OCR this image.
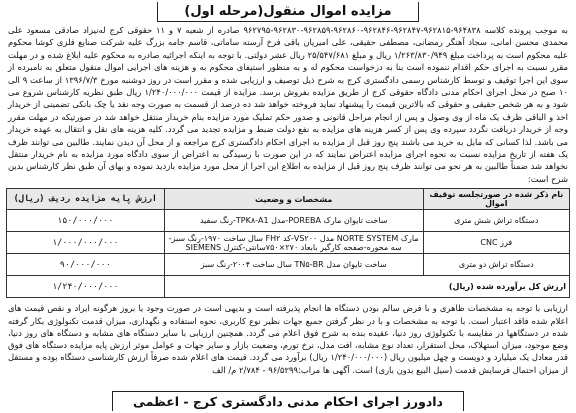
مزایده اموال منقول(مرحله اول)

به موجب پرونده کلاسه ۹۶۴۸۳۸-۹۶۲۸۱۵-۹۶۲۸۴۷-۹۶۲۸۴۶-۹۶۲۸۶۰-۹۶۲۸۵۹-۹۶۲۸۳۰-۹۶۲۷۹۵ صادره از شعبه ۷ و ۱۱ حقوقی کرج له‌نیزاد صادقی مسعود علی محمدی محسن امانی، سجاد آهنگر رمضانی، مصطفی حقیقی، علی امیریان باقی فرخ آرسته ساماتی، قاسم جامه بزرگ علیه شرکت صنایع فلزی کوشا محکوم علیه محکوم است به پرداخت مبلغ ۱/۲۶۳/۸۳۰/۹۴۹ ریال و مبلغ ۲۵/۵۴۷/۶۸۱ ریال عشر دولتی. با توجه به اینکه اجرائیه صادره به محکوم علیه ابلاغ شده و در مهلت مقرر نسبت به اجرای حکم اقدام ننموده است بنا به درخواست محکوم له و به منظور استیفای محکوم به و هزینه های اجرایی اموال منقول متعلق به نامبرده از سوی این اجرا توقیف و توسط کارشناس رسمی دادگستری کرج به شرح ذیل توصیف و ارزیابی شده و مقرر است در روز دوشنبه مورخ ۱۳۹۶/۷/۳ از ساعت ۹ الی ۱۰ صبح در محل اجرای احکام مدنی دادگاه حقوقی کرج از طریق مزایده بفروش برسد. مزایده از قیمت ۱/۲۴۰/۰۰۰/۰۰۰ ریال طبق نظریه کارشناس شروع می شود و به هر شخص حقیقی و حقوقی که بالاترین قیمت را پیشنهاد نماید فروخته خواهد شد ده درصد از قسمت به صورت وجه نقد یا چک بانکی تضمینی از خریدار اخذ و الباقی ظرف یک ماه از وی وصول و پس از انجام مراحل قانونی و صدور حکم تملیک مورد مزایده بنام خریدار منتقل خواهد شد در صورتیکه در مهلت مقرر وجه از خریدار دریافت نگردد سپرده وی پس از کسر هزینه های مزایده به نفع دولت ضبط و مزایده تجدید می گردد. کلیه هزینه های نقل و انتقال به عهده خریدار می باشد. لذا کسانی که مایل به خرید می باشند پنج روز قبل از مزایده به اجرای احکام دادگستری کرج مراجعه و از محل آن دیدن نمایند. طالبین می توانند ظرف یک هفته از تاریخ مزایده نسبت به نحوه اجرای مزایده اعتراض نمایند که در این صورت با رسیدگی به اعتراض از سوی دادگاه مورد مزایده به نام خریدار منتقل نخواهد شد ضمناً طالبین به هر نحو می توانند ظرف پنج روز قبل از مزایده به اطلاع این اجرا از محل مورد مزایده بازدید نموده و بهای آن طبق نظر کارشناس بدین شرح است:

نام ذکر شده در صورتجلسه توقیف اموال	مشخصات و وضعیت	ارزش پایه مزایده ردیف (ریال)
دستگاه تراش شش متری	ساخت تایوان مارک POREBA-مدل TPK۸-A1-رنگ سفید	۱۵۰/۰۰۰/۰۰۰
فرز CNC	مارک NORTE SYSTEM مدل VS۲۰۰-کد FH۲ سال ساخت ۱۹۷۰-رنگ سبز-سه محوره-صفحه کارگیر بابعاد ۲۷۰×۷۵۰سانتی-کنترل SIEMENS	۱/۰۰۰/۰۰۰/۰۰۰
دستگاه تراش دو متری	ساخت تایوان مدل TN۵-BR سال ساخت ۲۰۰۴-رنگ سبز	۹۰/۰۰۰/۰۰۰
ارزش کل برآورده شده (ریال)		۱/۲۴۰/۰۰۰/۰۰۰

ارزیابی با توجه به مشخصات ظاهری و با فرض سالم بودن دستگاه ها انجام پذیرفته است و بدیهی است در صورت وجود یا بروز هرگونه ایراد و نقص قیمت های اعلام شده فاقد اعتبار است. با توجه به مشخصات و با در نظر گرفتن جمیع جهات نظیر نوع کاربری، نحوه استفاده و نگهداری، میزان قدمت تکنولوژی بکار گرفته شده در دستگاهها در مقایسه با تکنولوژی روز دنیا، عقیده بنده به شرح فوق اعلام می گردد. همچنین ارزیابی با سایر دستگاه های مشابه و دستگاه های روز دنیا، وضع موجود، میزان استهلاک، محل استقرار، تعداد نوع مشابه، افت مدل، نرخ تورم، وضعیت بازار و سایر جهات و عوامل موثر ارزش پایه مزایده دستگاه های فوق قدر معادل یک میلیارد و دویست و چهل میلیون ریال (۱/۲۴۰/۰۰۰/۰۰۰ ریال) برآورد می گردد. قیمت های اعلام شده صرفاً ارزش کارشناسی دستگاه بوده و مستقل از میزان احتمال فرسایش قدمت (سیل البیع بدون باری) است. آ‌گهی ها مراب:۹۶/۵۲۹۹ - ۲/۷۸۴ م/ الف

دادورز اجرای احکام مدنی دادگستری کرج - اعظمی
